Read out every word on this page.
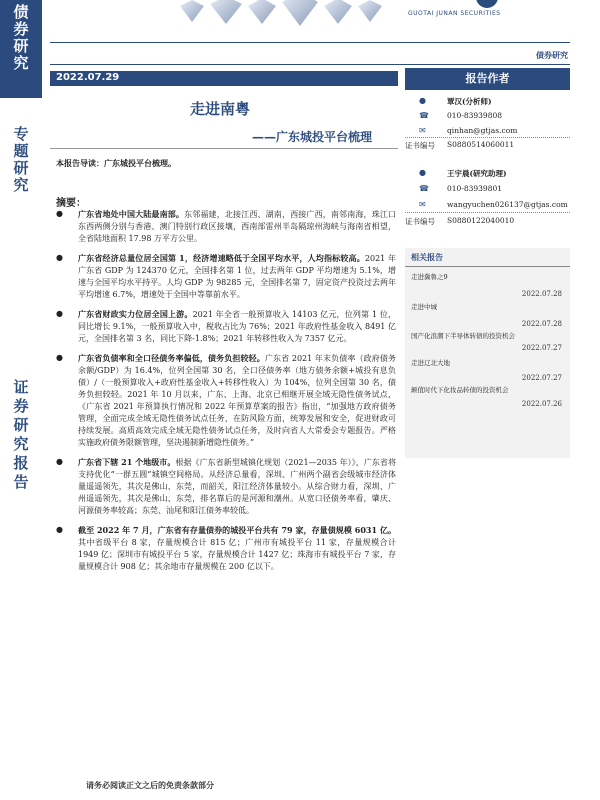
债券研究
专题研究
证券研究报告
GUOTAI JUNAN SECURITIES
债券研究
2022.07.29
走进南粤
——广东城投平台梳理
本报告导读：广东城投平台梳理。
摘要：
● 广东省地处中国大陆最南部。东邻福建，北接江西、湖南，西接广西，南邻南海，珠江口东西两侧分别与香港、澳门特别行政区接壤，西南部雷州半岛隔琼州海峡与海南省相望，全省陆地面积 17.98 万平方公里。
● 广东省经济总量位居全国第 1，经济增速略低于全国平均水平，人均指标较高。2021 年广东省 GDP 为 124370 亿元，全国排名第 1 位，过去两年 GDP 平均增速为 5.1%，增速与全国平均水平持平。人均 GDP 为 98285 元，全国排名第 7，固定资产投资过去两年平均增速 6.7%，增速处于全国中等靠前水平。
● 广东省财政实力位居全国上游。2021 年全省一般预算收入 14103 亿元，位列第 1 位，同比增长 9.1%，一般预算收入中，税收占比为 76%；2021 年政府性基金收入 8491 亿元，全国排名第 3 名，同比下降-1.8%；2021 年转移性收入为 7357 亿元。
● 广东省负债率和全口径债务率偏低，债务负担较轻。广东省 2021 年末负债率（政府债务余额/GDP）为 16.4%，位列全国第 30 名，全口径债务率（地方债务余额+城投有息负债）/（一般预算收入+政府性基金收入+转移性收入）为 104%，位列全国第 30 名，债务负担较轻。2021 年 10 月以来，广东、上海、北京已相继开展全域无隐性债务试点，《广东省 2021 年预算执行情况和 2022 年预算草案的报告》指出，“加强地方政府债务管理，全面完成全域无隐性债务试点任务，在防风险方面，统筹发展和安全，促进财政可持续发展。高质高效完成全域无隐性债务试点任务，及时向省人大常委会专题报告。严格实施政府债务限额管理，坚决遏制新增隐性债务。”
● 广东省下辖 21 个地级市。根据《广东省新型城镇化规划（2021—2035 年）》，广东省将支持优化“一群五圆”城镇空间格局。从经济总量看，深圳、广州两个副省会级城市经济体量遥遥领先，其次是佛山、东莞，而韶关，阳江经济体量较小。从综合财力看，深圳、广州遥遥领先，其次是佛山、东莞，排名靠后的是河源和潮州。从宽口径债务率看，肇庆、河源债务率较高；东莞、汕尾和阳江债务率较低。
● 截至 2022 年 7 月，广东省有存量债券的城投平台共有 79 家，存量债规模 6031 亿。其中省级平台 8 家，存量规模合计 815 亿；广州市有城投平台 11 家，存量规模合计 1949 亿；深圳市有城投平台 5 家，存量规模合计 1427 亿；珠海市有城投平台 7 家，存量规模合计 908 亿；其余地市存量规模在 200 亿以下。
请务必阅读正文之后的免责条款部分
报告作者
●	覃汉(分析师)
☎ 010-83939808
✉	qinhan@gtjas.com
证书编号 S0880514060011
●	王宇晨(研究助理)
☎ 010-83939801
✉	wangyuchen026137@gtjas.com
证书编号 S0880122040010
相关报告
走进冀鲁之9
2022.07.28
走进中城
2022.07.28
国产化浪潮下半导体转债的投资机会
2022.07.27
走进辽北大地
2022.07.27
颠值时代下化妆品转债的投资机会
2022.07.26
